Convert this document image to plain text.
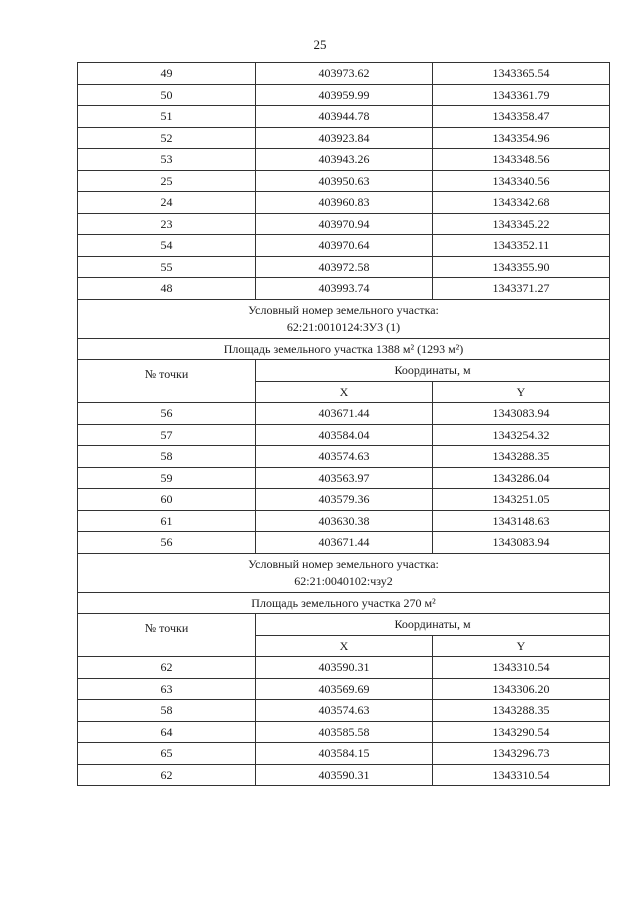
25
49	403973.62	1343365.54
50	403959.99	1343361.79
51	403944.78	1343358.47
52	403923.84	1343354.96
53	403943.26	1343348.56
25	403950.63	1343340.56
24	403960.83	1343342.68
23	403970.94	1343345.22
54	403970.64	1343352.11
55	403972.58	1343355.90
48	403993.74	1343371.27

Условный номер земельного участка:
62:21:0010124:ЗУ3 (1)		

Площадь земельного участка 1388 м² (1293 м²)		
№ точки	Координаты, м	
	X	Y
56	403671.44	1343083.94
57	403584.04	1343254.32
58	403574.63	1343288.35
59	403563.97	1343286.04
60	403579.36	1343251.05
61	403630.38	1343148.63
56	403671.44	1343083.94

Условный номер земельного участка:
62:21:0040102:чзу2		

Площадь земельного участка 270 м²		
№ точки	Координаты, м	
	X	Y
62	403590.31	1343310.54
63	403569.69	1343306.20
58	403574.63	1343288.35
64	403585.58	1343290.54
65	403584.15	1343296.73
62	403590.31	1343310.54
